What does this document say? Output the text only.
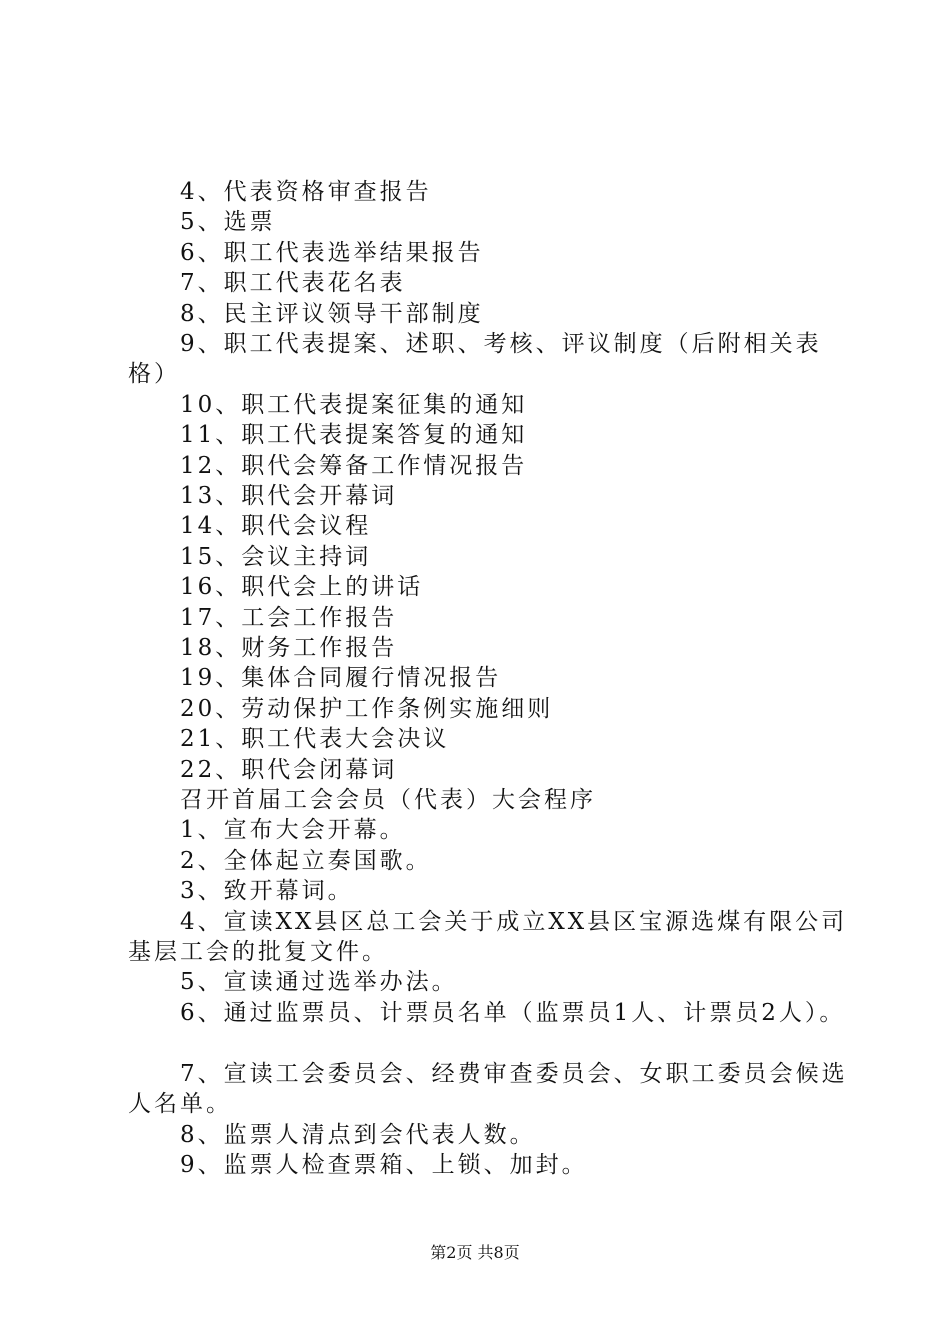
　　4、代表资格审查报告
　　5、选票
　　6、职工代表选举结果报告
　　7、职工代表花名表
　　8、民主评议领导干部制度
　　9、职工代表提案、述职、考核、评议制度（后附相关表
格）
　　10、职工代表提案征集的通知
　　11、职工代表提案答复的通知
　　12、职代会筹备工作情况报告
　　13、职代会开幕词
　　14、职代会议程
　　15、会议主持词
　　16、职代会上的讲话
　　17、工会工作报告
　　18、财务工作报告
　　19、集体合同履行情况报告
　　20、劳动保护工作条例实施细则
　　21、职工代表大会决议
　　22、职代会闭幕词
　　召开首届工会会员（代表）大会程序
　　1、宣布大会开幕。
　　2、全体起立奏国歌。
　　3、致开幕词。
　　4、宣读XX县区总工会关于成立XX县区宝源选煤有限公司
基层工会的批复文件。
　　5、宣读通过选举办法。
　　6、通过监票员、计票员名单（监票员1人、计票员2人）。
　　7、宣读工会委员会、经费审查委员会、女职工委员会候选
人名单。
　　8、监票人清点到会代表人数。
　　9、监票人检查票箱、上锁、加封。
第2页 共8页
